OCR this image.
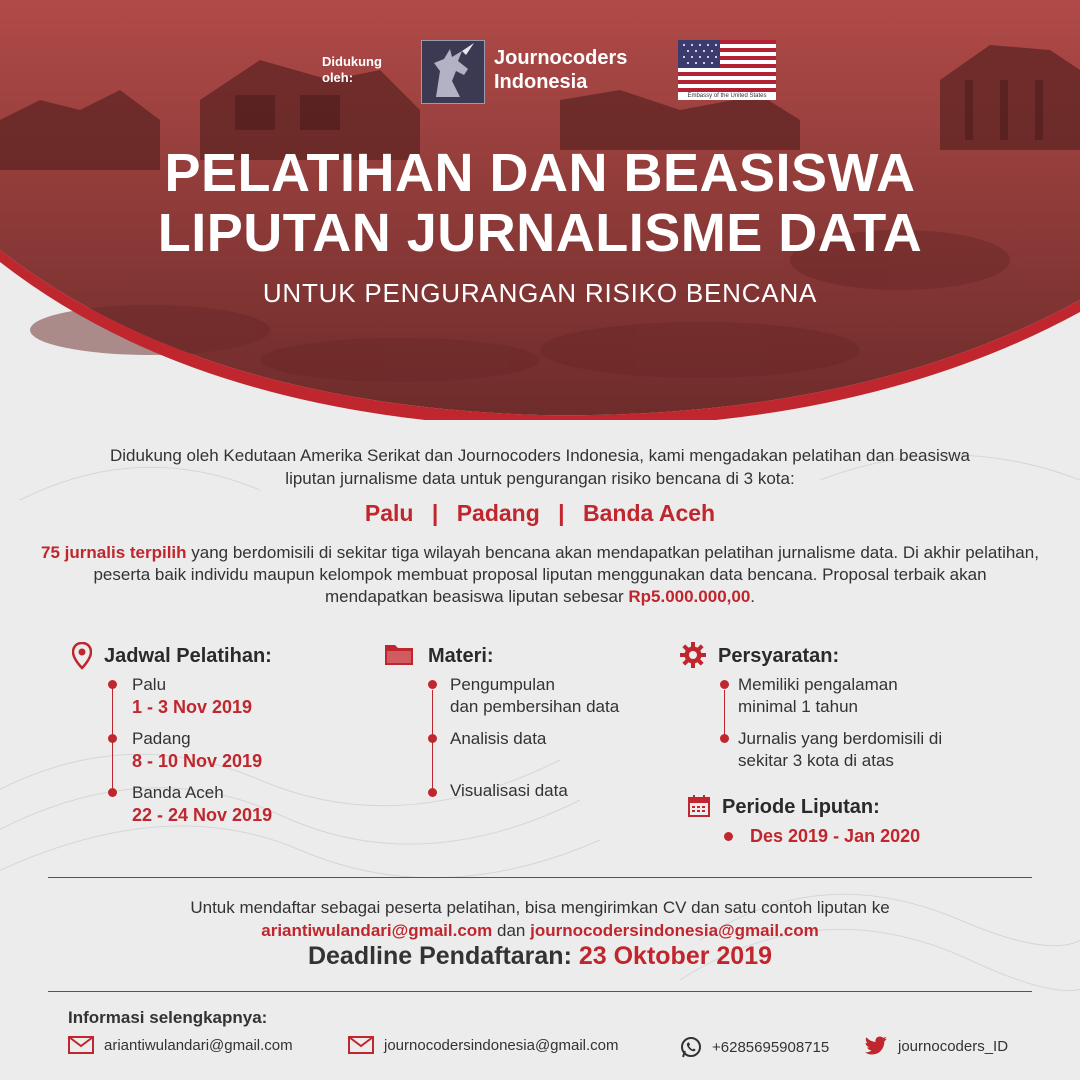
Didukung oleh:
Journocoders Indonesia
Embassy of the United States
PELATIHAN DAN BEASISWA
LIPUTAN JURNALISME DATA
UNTUK PENGURANGAN RISIKO BENCANA
Didukung oleh Kedutaan Amerika Serikat dan Journocoders Indonesia, kami mengadakan pelatihan dan beasiswa liputan jurnalisme data untuk pengurangan risiko bencana di 3 kota:
Palu | Padang | Banda Aceh
75 jurnalis terpilih yang berdomisili di sekitar tiga wilayah bencana akan mendapatkan pelatihan jurnalisme data. Di akhir pelatihan, peserta baik individu maupun kelompok membuat proposal liputan menggunakan data bencana. Proposal terbaik akan mendapatkan beasiswa liputan sebesar Rp5.000.000,00.
Jadwal Pelatihan:
Palu
1 - 3 Nov 2019
Padang
8 - 10 Nov 2019
Banda Aceh
22 - 24 Nov 2019
Materi:
Pengumpulan
dan pembersihan data
Analisis data
Visualisasi data
Persyaratan:
Memiliki pengalaman
minimal 1 tahun
Jurnalis yang berdomisili di
sekitar 3 kota di atas
Periode Liputan:
Des 2019 - Jan 2020
Untuk mendaftar sebagai peserta pelatihan, bisa mengirimkan CV dan satu contoh liputan ke
ariantiwulandari@gmail.com dan journocodersindonesia@gmail.com
Deadline Pendaftaran: 23 Oktober 2019
Informasi selengkapnya:
ariantiwulandari@gmail.com	journocodersindonesia@gmail.com	+6285695908715	journocoders_ID
